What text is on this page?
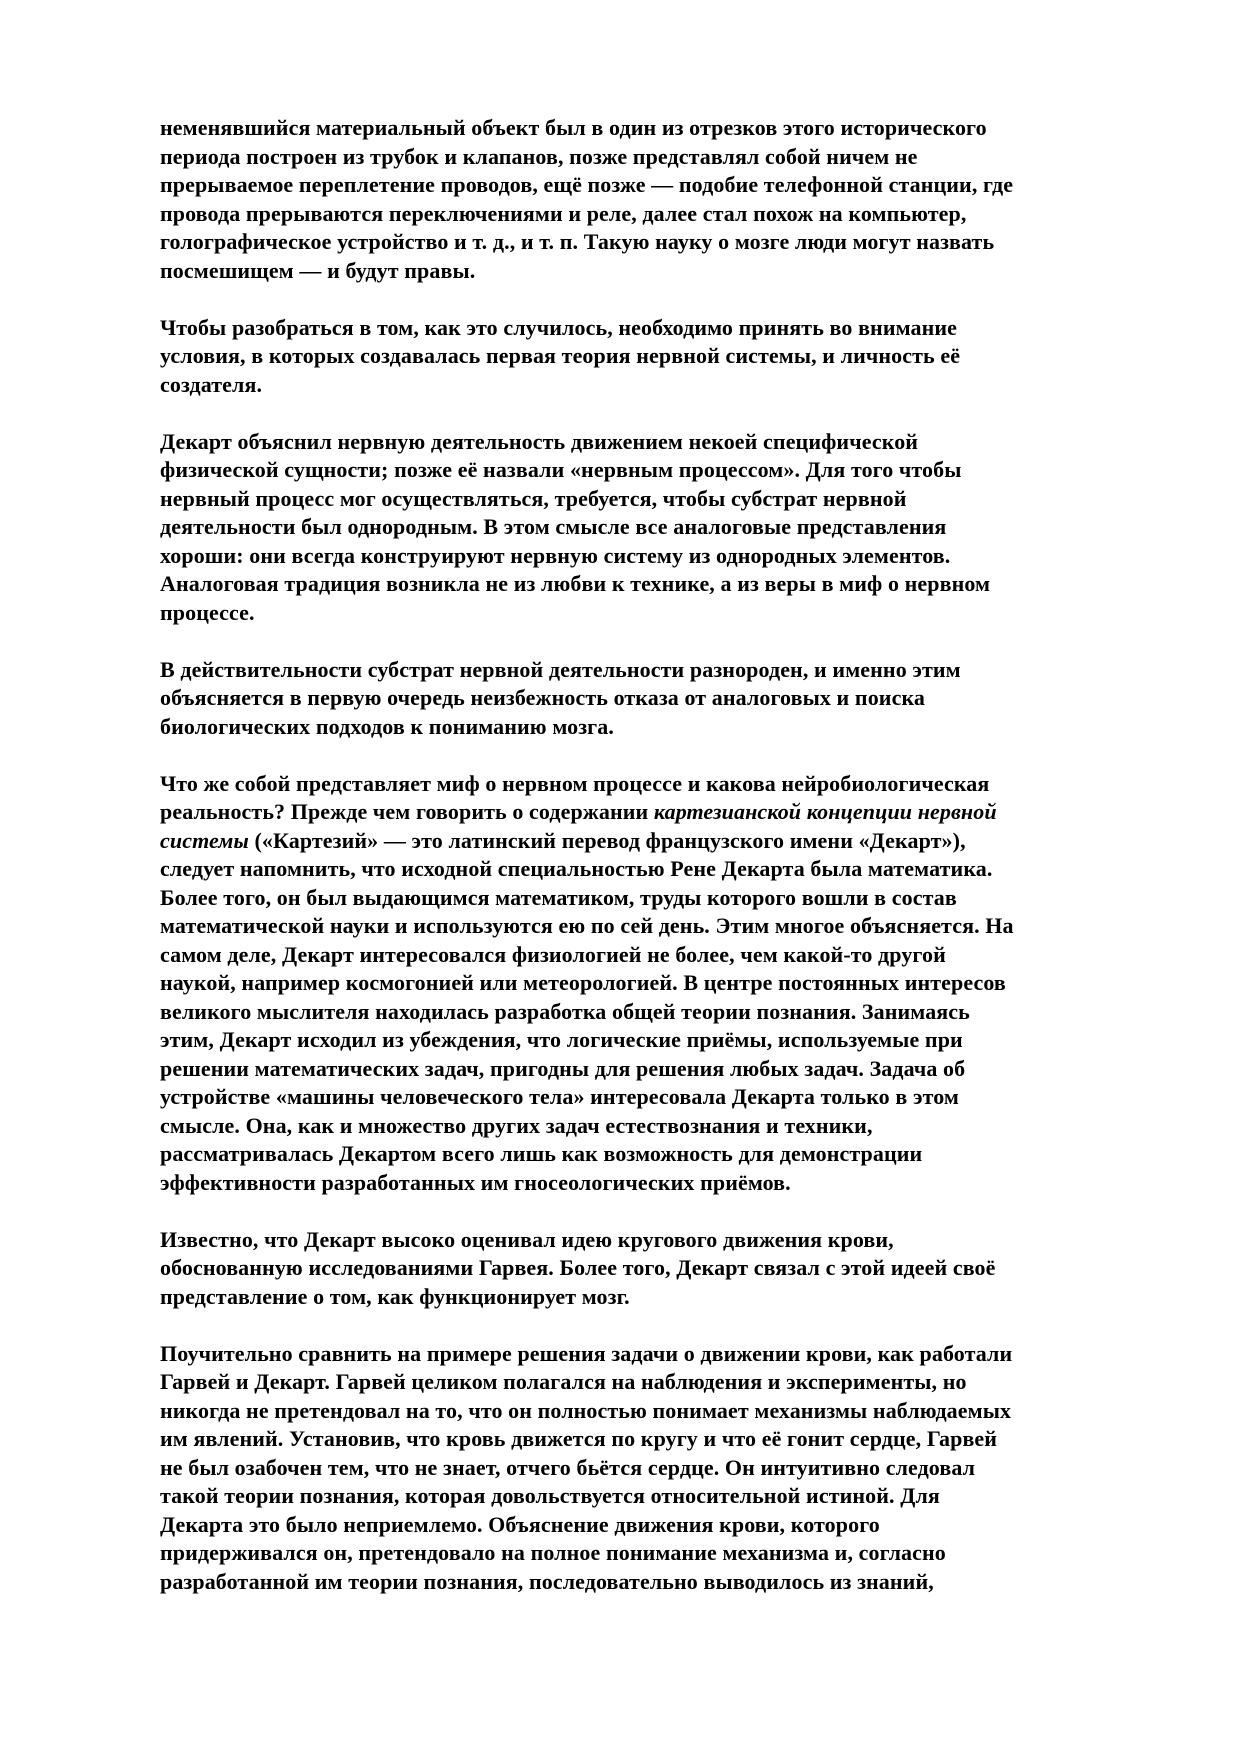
неменявшийся материальный объект был в один из отрезков этого исторического
периода построен из трубок и клапанов, позже представлял собой ничем не
прерываемое переплетение проводов, ещё позже — подобие телефонной станции, где
провода прерываются переключениями и реле, далее стал похож на компьютер,
голографическое устройство и т. д., и т. п. Такую науку о мозге люди могут назвать
посмешищем — и будут правы.

Чтобы разобраться в том, как это случилось, необходимо принять во внимание
условия, в которых создавалась первая теория нервной системы, и личность её
создателя.

Декарт объяснил нервную деятельность движением некоей специфической
физической сущности; позже её назвали «нервным процессом». Для того чтобы
нервный процесс мог осуществляться, требуется, чтобы субстрат нервной
деятельности был однородным. В этом смысле все аналоговые представления
хороши: они всегда конструируют нервную систему из однородных элементов.
Аналоговая традиция возникла не из любви к технике, а из веры в миф о нервном
процессе.

В действительности субстрат нервной деятельности разнороден, и именно этим
объясняется в первую очередь неизбежность отказа от аналоговых и поиска
биологических подходов к пониманию мозга.

Что же собой представляет миф о нервном процессе и какова нейробиологическая
реальность? Прежде чем говорить о содержании картезианской концепции нервной
системы («Картезий» — это латинский перевод французского имени «Декарт»),
следует напомнить, что исходной специальностью Рене Декарта была математика.
Более того, он был выдающимся математиком, труды которого вошли в состав
математической науки и используются ею по сей день. Этим многое объясняется. На
самом деле, Декарт интересовался физиологией не более, чем какой-то другой
наукой, например космогонией или метеорологией. В центре постоянных интересов
великого мыслителя находилась разработка общей теории познания. Занимаясь
этим, Декарт исходил из убеждения, что логические приёмы, используемые при
решении математических задач, пригодны для решения любых задач. Задача об
устройстве «машины человеческого тела» интересовала Декарта только в этом
смысле. Она, как и множество других задач естествознания и техники,
рассматривалась Декартом всего лишь как возможность для демонстрации
эффективности разработанных им гносеологических приёмов.

Известно, что Декарт высоко оценивал идею кругового движения крови,
обоснованную исследованиями Гарвея. Более того, Декарт связал с этой идеей своё
представление о том, как функционирует мозг.

Поучительно сравнить на примере решения задачи о движении крови, как работали
Гарвей и Декарт. Гарвей целиком полагался на наблюдения и эксперименты, но
никогда не претендовал на то, что он полностью понимает механизмы наблюдаемых
им явлений. Установив, что кровь движется по кругу и что её гонит сердце, Гарвей
не был озабочен тем, что не знает, отчего бьётся сердце. Он интуитивно следовал
такой теории познания, которая довольствуется относительной истиной. Для
Декарта это было неприемлемо. Объяснение движения крови, которого
придерживался он, претендовало на полное понимание механизма и, согласно
разработанной им теории познания, последовательно выводилось из знаний,
